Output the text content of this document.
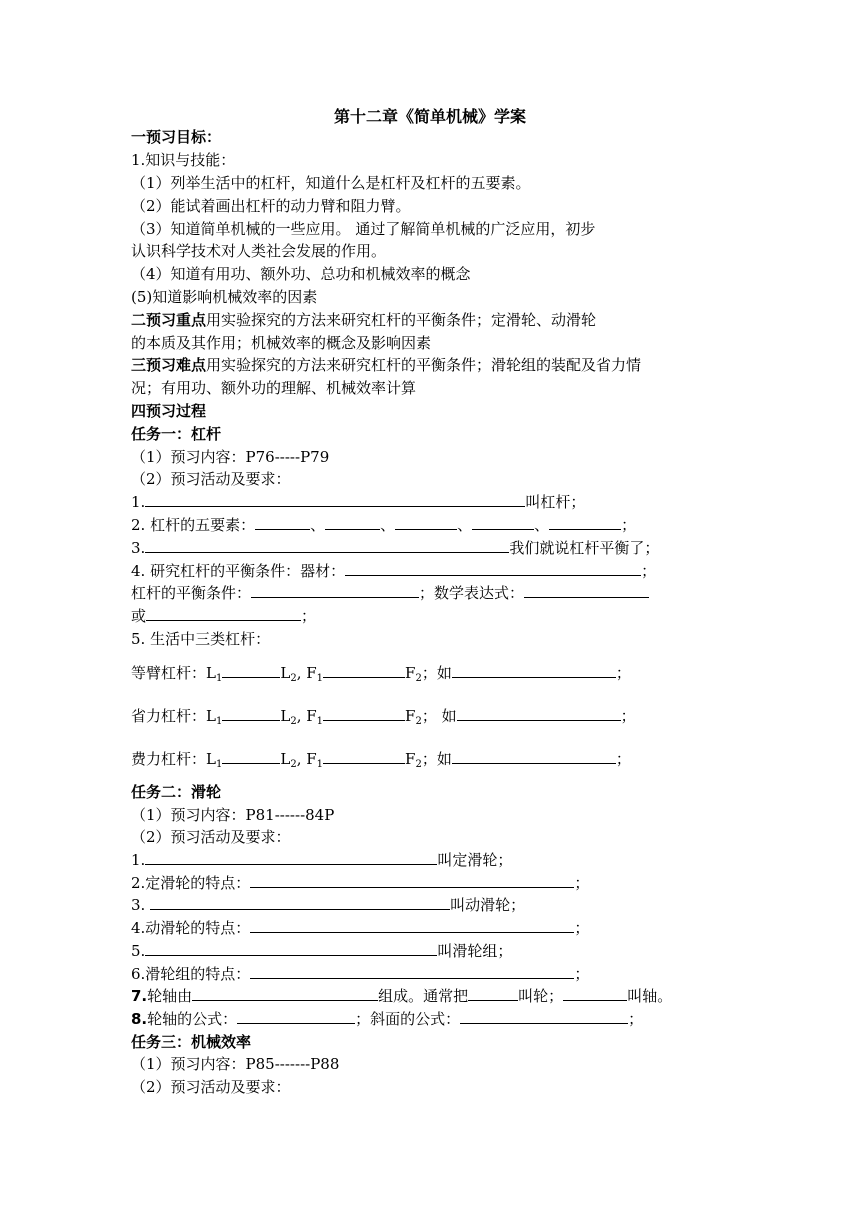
第十二章《简单机械》学案
一预习目标：
1.知识与技能：
（1）列举生活中的杠杆，知道什么是杠杆及杠杆的五要素。
（2）能试着画出杠杆的动力臂和阻力臂。
（3）知道简单机械的一些应用。 通过了解简单机械的广泛应用，初步
认识科学技术对人类社会发展的作用。
（4）知道有用功、额外功、总功和机械效率的概念
(5)知道影响机械效率的因素
二预习重点用实验探究的方法来研究杠杆的平衡条件；定滑轮、动滑轮
的本质及其作用；机械效率的概念及影响因素
三预习难点用实验探究的方法来研究杠杆的平衡条件；滑轮组的装配及省力情
况；有用功、额外功的理解、机械效率计算
四预习过程
任务一：杠杆
（1）预习内容：P76-----P79
（2）预习活动及要求：
1.	叫杠杆；
2. 杠杆的五要素：	、	、	、	、	；
3.	我们就说杠杆平衡了；
4. 研究杠杆的平衡条件：器材：	；
杠杆的平衡条件：	；数学表达式：
或	；
5. 生活中三类杠杆：
等臂杠杆：$L_1$	$L_2$, $F_1$	$F_2$；如	；
省力杠杆：$L_1$	$L_2$, $F_1$	$F_2$； 如	；
费力杠杆：$L_1$	$L_2$, $F_1$	$F_2$；如	；
任务二：滑轮
（1）预习内容：P81------84P
（2）预习活动及要求：
1.	叫定滑轮；
2.定滑轮的特点：	；
3.	叫动滑轮；
4.动滑轮的特点：	；
5.	叫滑轮组；
6.滑轮组的特点：	；
7.轮轴由	组成。通常把	叫轮；	叫轴。
8.轮轴的公式：	；斜面的公式：	；
任务三：机械效率
（1）预习内容：P85-------P88
（2）预习活动及要求：
